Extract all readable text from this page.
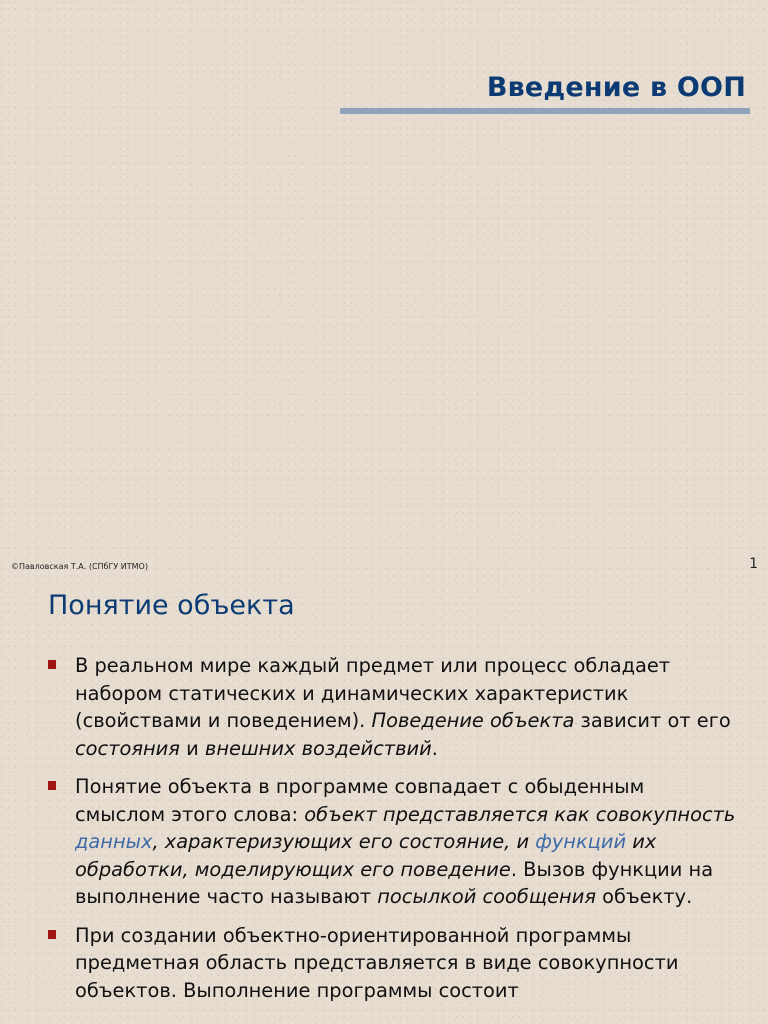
Введение в ООП
©Павловская Т.А. (СПбГУ ИТМО)	1
Понятие объекта
В реальном мире каждый предмет или процесс обладает набором статических и динамических характеристик (свойствами и поведением). Поведение объекта зависит от его состояния и внешних воздействий.
Понятие объекта в программе совпадает с обыденным смыслом этого слова: объект представляется как совокупность данных, характеризующих его состояние, и функций их обработки, моделирующих его поведение. Вызов функции на выполнение часто называют посылкой сообщения объекту.
При создании объектно-ориентированной программы предметная область представляется в виде совокупности объектов. Выполнение программы состоит
